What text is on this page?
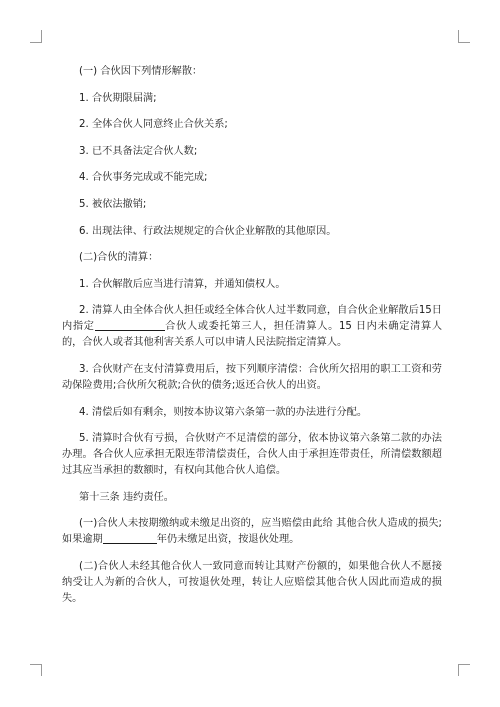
(一) 合伙因下列情形解散：

1. 合伙期限届满;

2. 全体合伙人同意终止合伙关系;

3. 已不具备法定合伙人数;

4. 合伙事务完成或不能完成;

5. 被依法撤销;

6. 出现法律、行政法规规定的合伙企业解散的其他原因。

(二)合伙的清算：

1. 合伙解散后应当进行清算，并通知债权人。

2. 清算人由全体合伙人担任或经全体合伙人过半数同意，自合伙企业解散后15日内指定	合伙人或委托第三人，担任清算人。15 日内未确定清算人的，合伙人或者其他利害关系人可以申请人民法院指定清算人。

3. 合伙财产在支付清算费用后，按下列顺序清偿：合伙所欠招用的职工工资和劳动保险费用;合伙所欠税款;合伙的债务;返还合伙人的出资。

4. 清偿后如有剩余，则按本协议第六条第一款的办法进行分配。

5. 清算时合伙有亏损，合伙财产不足清偿的部分，依本协议第六条第二款的办法办理。各合伙人应承担无限连带清偿责任，合伙人由于承担连带责任，所清偿数额超过其应当承担的数额时，有权向其他合伙人追偿。

第十三条 违约责任。

(一)合伙人未按期缴纳或未缴足出资的，应当赔偿由此给 其他合伙人造成的损失;如果逾期	年仍未缴足出资，按退伙处理。

(二)合伙人未经其他合伙人一致同意而转让其财产份额的，如果他合伙人不愿接纳受让人为新的合伙人，可按退伙处理，转让人应赔偿其他合伙人因此而造成的损失。
